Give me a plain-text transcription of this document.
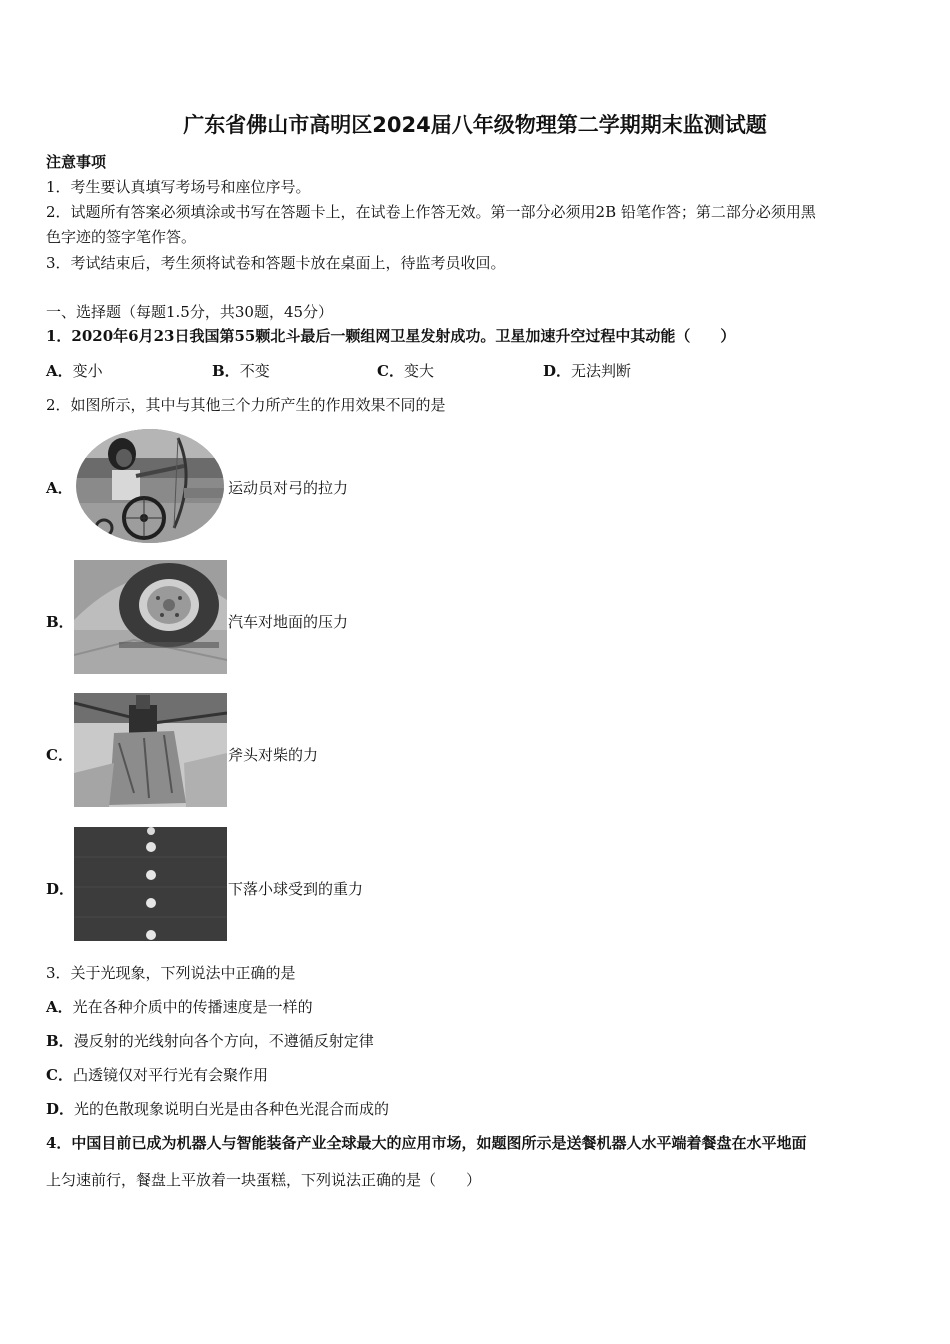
广东省佛山市高明区2024届八年级物理第二学期期末监测试题
注意事项
1．考生要认真填写考场号和座位序号。
2．试题所有答案必须填涂或书写在答题卡上，在试卷上作答无效。第一部分必须用2B 铅笔作答；第二部分必须用黑
色字迹的签字笔作答。
3．考试结束后，考生须将试卷和答题卡放在桌面上，待监考员收回。
一、选择题（每题1.5分，共30题，45分）
1．2020年6月23日我国第55颗北斗最后一颗组网卫星发射成功。卫星加速升空过程中其动能（　　）
A．变小	B．不变	C．变大	D．无法判断
2．如图所示，其中与其他三个力所产生的作用效果不同的是
A．	运动员对弓的拉力
B．	汽车对地面的压力
C．	斧头对柴的力
D．	下落小球受到的重力
3．关于光现象，下列说法中正确的是
A．光在各种介质中的传播速度是一样的
B．漫反射的光线射向各个方向，不遵循反射定律
C．凸透镜仅对平行光有会聚作用
D．光的色散现象说明白光是由各种色光混合而成的
4．中国目前已成为机器人与智能装备产业全球最大的应用市场，如题图所示是送餐机器人水平端着餐盘在水平地面
上匀速前行，餐盘上平放着一块蛋糕，下列说法正确的是（　　）
